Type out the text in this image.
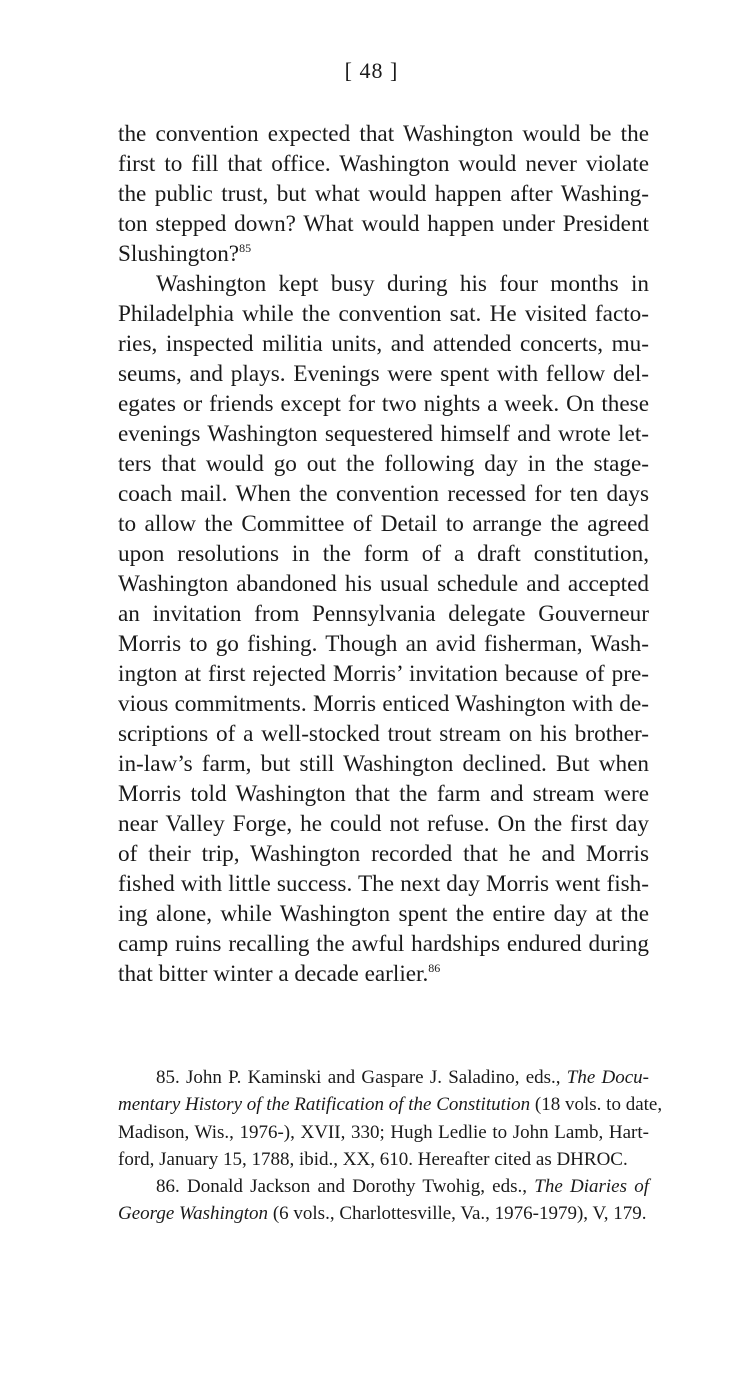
[ 48 ]
the convention expected that Washington would be the
first to fill that office. Washington would never violate
the public trust, but what would happen after Washing-
ton stepped down? What would happen under President
Slushington?$^{85}$
Washington kept busy during his four months in
Philadelphia while the convention sat. He visited facto-
ries, inspected militia units, and attended concerts, mu-
seums, and plays. Evenings were spent with fellow del-
egates or friends except for two nights a week. On these
evenings Washington sequestered himself and wrote let-
ters that would go out the following day in the stage-
coach mail. When the convention recessed for ten days
to allow the Committee of Detail to arrange the agreed
upon resolutions in the form of a draft constitution,
Washington abandoned his usual schedule and accepted
an invitation from Pennsylvania delegate Gouverneur
Morris to go fishing. Though an avid fisherman, Wash-
ington at first rejected Morris’ invitation because of pre-
vious commitments. Morris enticed Washington with de-
scriptions of a well-stocked trout stream on his brother-
in-law’s farm, but still Washington declined. But when
Morris told Washington that the farm and stream were
near Valley Forge, he could not refuse. On the first day
of their trip, Washington recorded that he and Morris
fished with little success. The next day Morris went fish-
ing alone, while Washington spent the entire day at the
camp ruins recalling the awful hardships endured during
that bitter winter a decade earlier.$^{86}$
85. John P. Kaminski and Gaspare J. Saladino, eds., The Docu-
mentary History of the Ratification of the Constitution (18 vols. to date,
Madison, Wis., 1976-), XVII, 330; Hugh Ledlie to John Lamb, Hart-
ford, January 15, 1788, ibid., XX, 610. Hereafter cited as DHROC.
86. Donald Jackson and Dorothy Twohig, eds., The Diaries of
George Washington (6 vols., Charlottesville, Va., 1976-1979), V, 179.
